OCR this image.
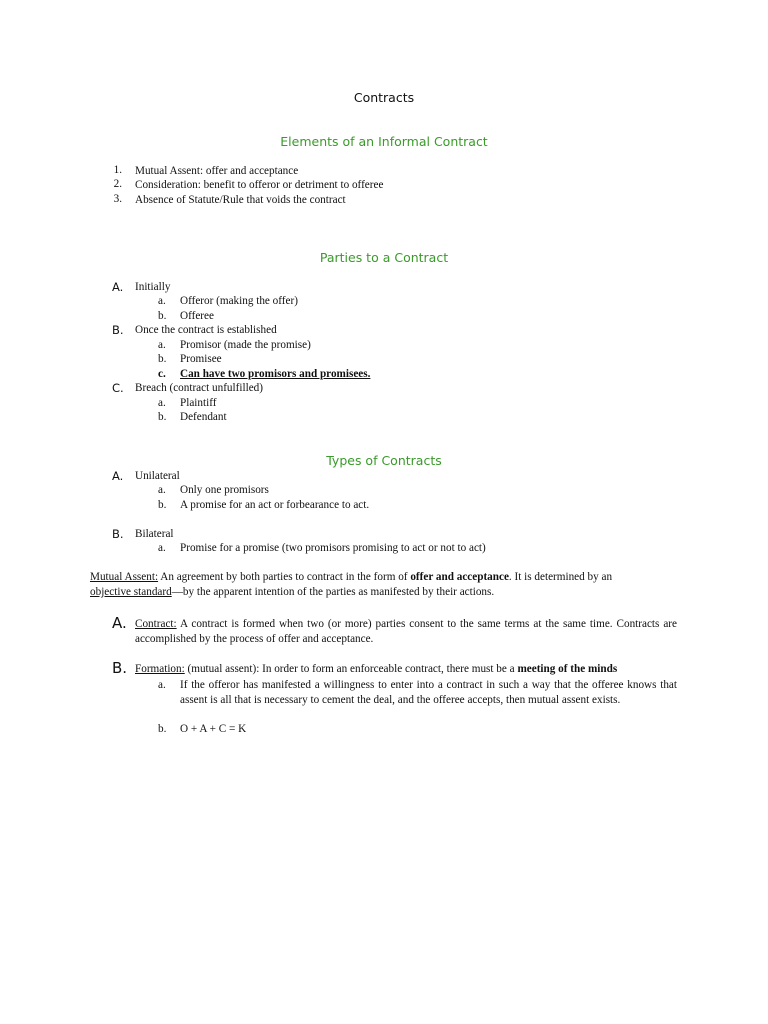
Contracts
Elements of an Informal Contract
1. Mutual Assent: offer and acceptance
2. Consideration: benefit to offeror or detriment to offeree
3. Absence of Statute/Rule that voids the contract
Parties to a Contract
A. Initially
a. Offeror (making the offer)
b. Offeree
B. Once the contract is established
a. Promisor (made the promise)
b. Promisee
c. Can have two promisors and promisees.
C. Breach (contract unfulfilled)
a. Plaintiff
b. Defendant
Types of Contracts
A. Unilateral
a. Only one promisors
b. A promise for an act or forbearance to act.
B. Bilateral
a. Promise for a promise (two promisors promising to act or not to act)
Mutual Assent: An agreement by both parties to contract in the form of offer and acceptance. It is determined by an
objective standard—by the apparent intention of the parties as manifested by their actions.
A. Contract: A contract is formed when two (or more) parties consent to the same terms at the same time. Contracts are accomplished by the process of offer and acceptance.
B. Formation: (mutual assent): In order to form an enforceable contract, there must be a meeting of the minds
a. If the offeror has manifested a willingness to enter into a contract in such a way that the offeree knows that assent is all that is necessary to cement the deal, and the offeree accepts, then mutual assent exists.
b. O + A + C = K
